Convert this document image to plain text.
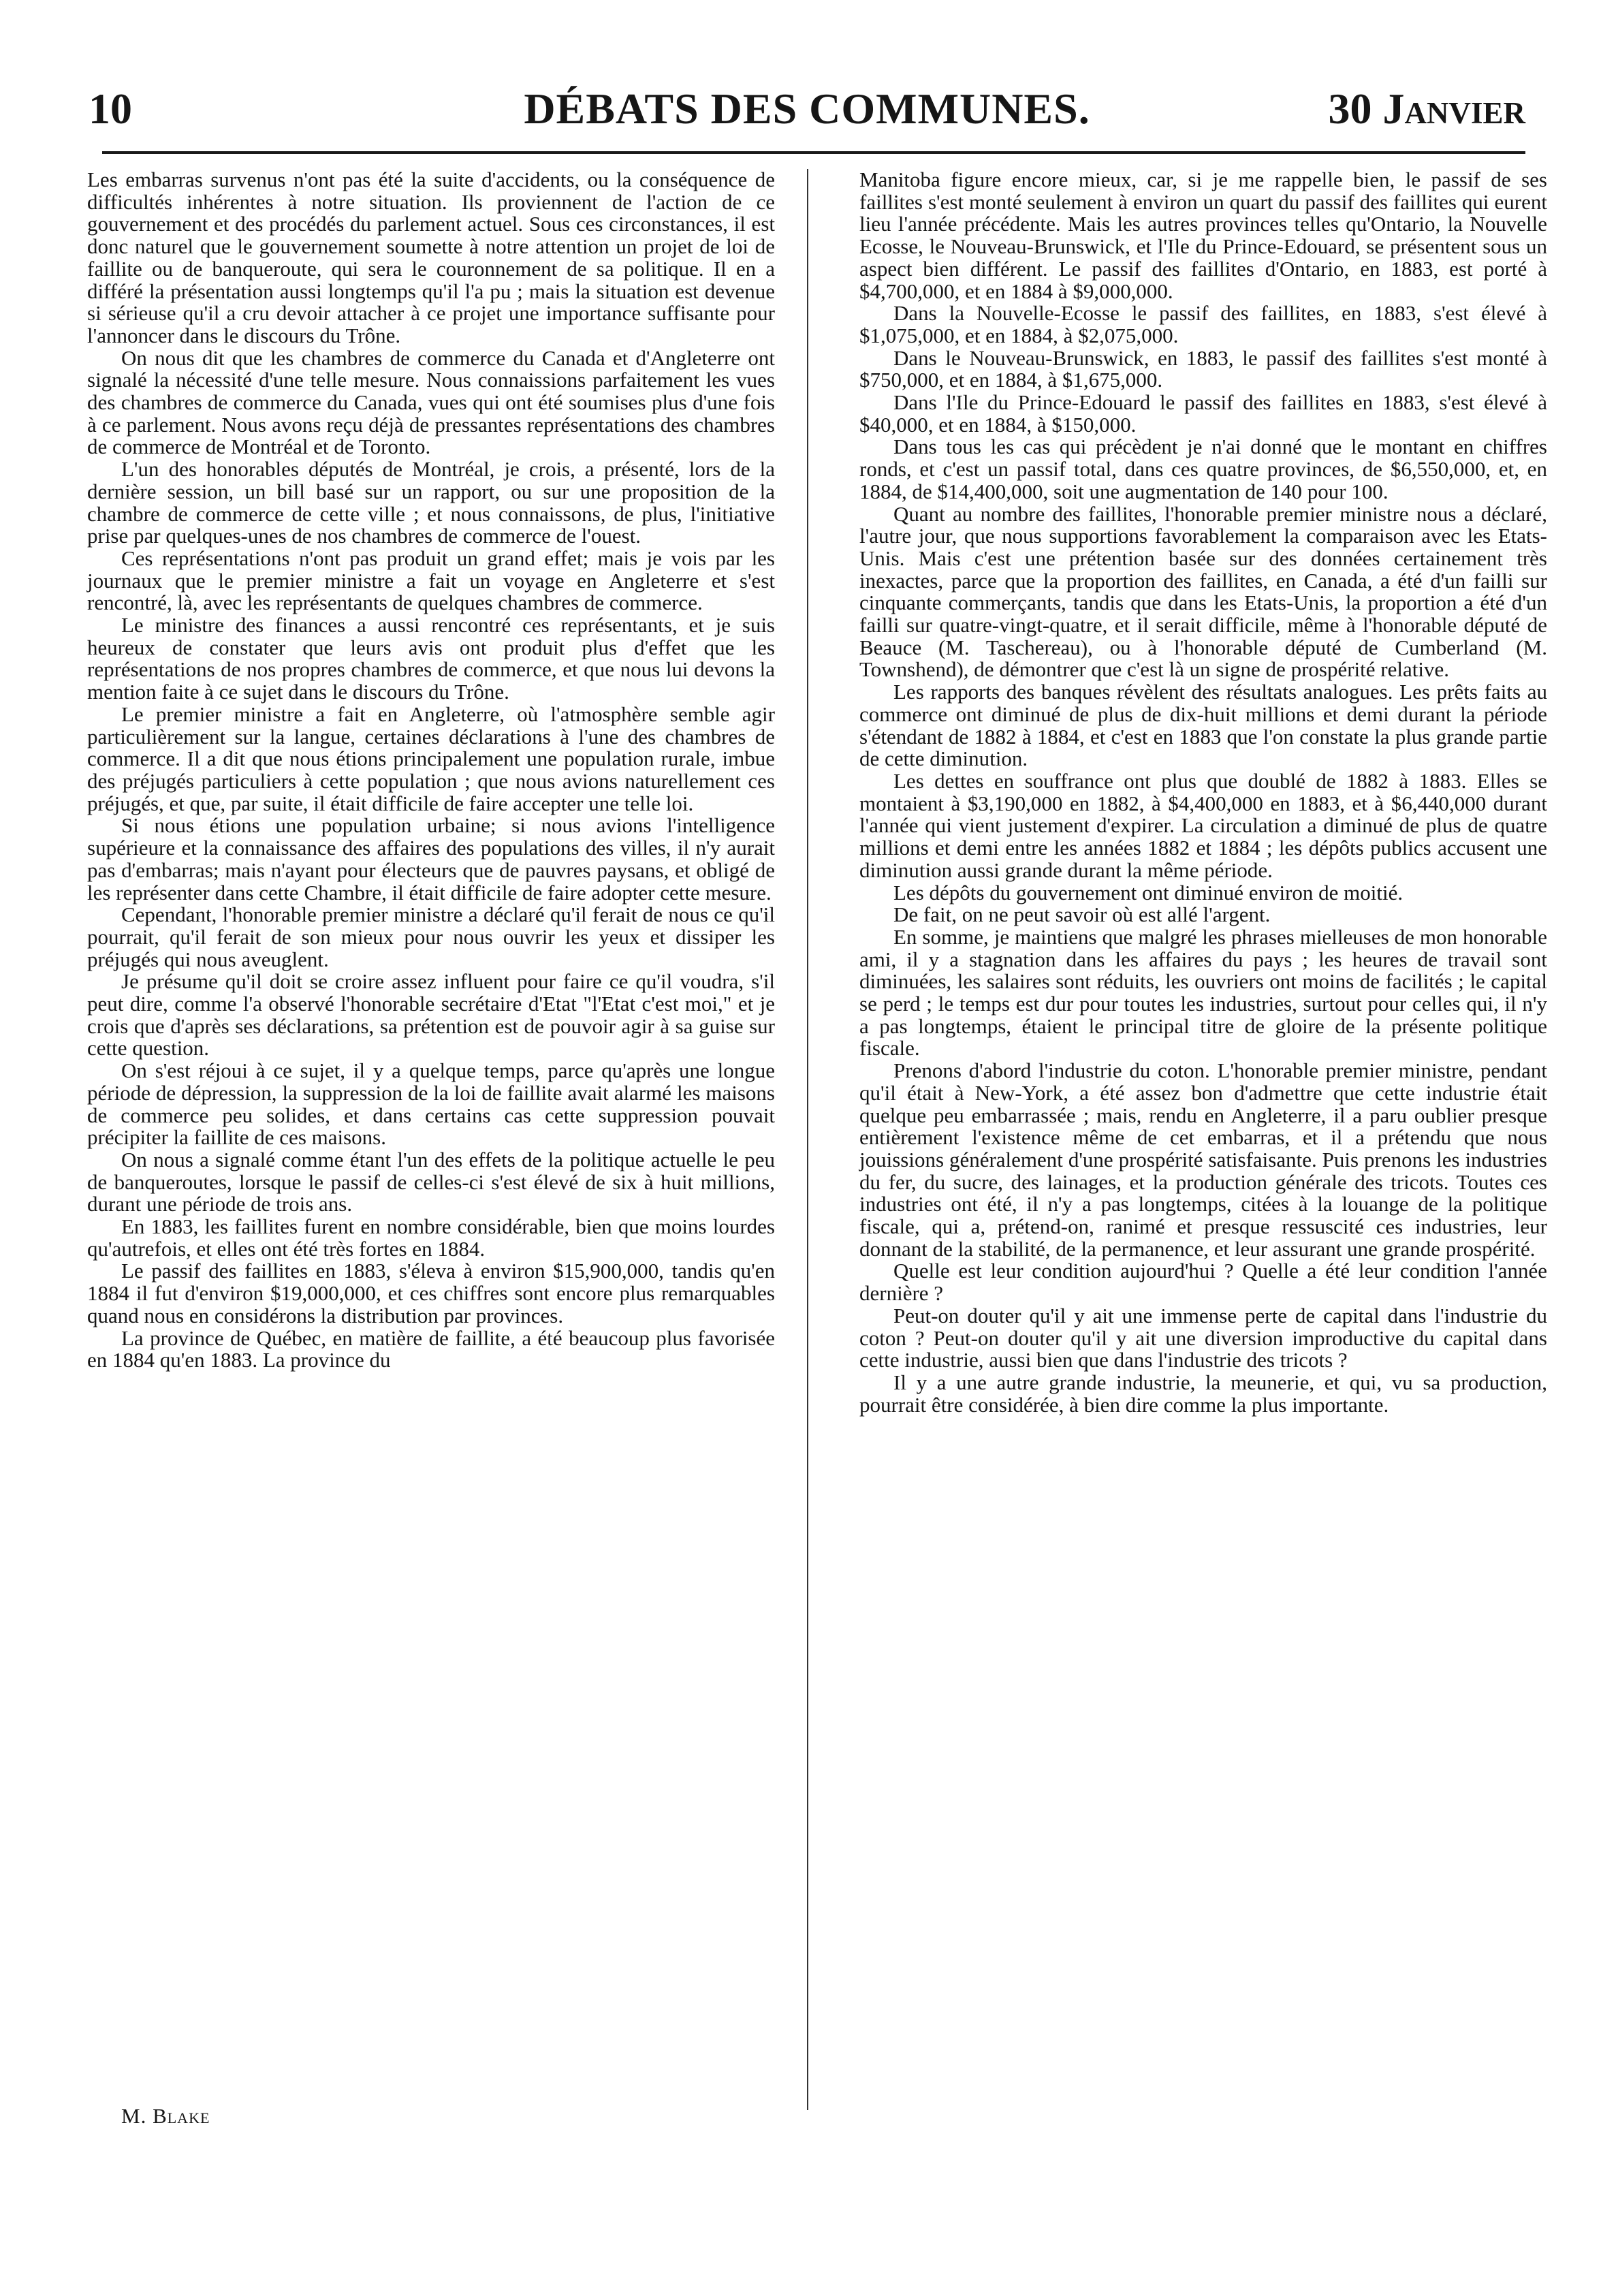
10	DÉBATS DES COMMUNES.	30 Janvier

Les embarras survenus n'ont pas été la suite d'accidents, ou la conséquence de difficultés inhérentes à notre situation. Ils proviennent de l'action de ce gouvernement et des procédés du parlement actuel. Sous ces circonstances, il est donc naturel que le gouvernement soumette à notre attention un projet de loi de faillite ou de banqueroute, qui sera le couronnement de sa politique. Il en a différé la présentation aussi longtemps qu'il l'a pu ; mais la situation est devenue si sérieuse qu'il a cru devoir attacher à ce projet une importance suffisante pour l'annoncer dans le discours du Trône.

On nous dit que les chambres de commerce du Canada et d'Angleterre ont signalé la nécessité d'une telle mesure. Nous connaissions parfaitement les vues des chambres de commerce du Canada, vues qui ont été soumises plus d'une fois à ce parlement. Nous avons reçu déjà de pressantes représentations des chambres de commerce de Montréal et de Toronto.

L'un des honorables députés de Montréal, je crois, a présenté, lors de la dernière session, un bill basé sur un rapport, ou sur une proposition de la chambre de commerce de cette ville ; et nous connaissons, de plus, l'initiative prise par quelques-unes de nos chambres de commerce de l'ouest.

Ces représentations n'ont pas produit un grand effet; mais je vois par les journaux que le premier ministre a fait un voyage en Angleterre et s'est rencontré, là, avec les représentants de quelques chambres de commerce.

Le ministre des finances a aussi rencontré ces représentants, et je suis heureux de constater que leurs avis ont produit plus d'effet que les représentations de nos propres chambres de commerce, et que nous lui devons la mention faite à ce sujet dans le discours du Trône.

Le premier ministre a fait en Angleterre, où l'atmosphère semble agir particulièrement sur la langue, certaines déclarations à l'une des chambres de commerce. Il a dit que nous étions principalement une population rurale, imbue des préjugés particuliers à cette population ; que nous avions naturellement ces préjugés, et que, par suite, il était difficile de faire accepter une telle loi.

Si nous étions une population urbaine; si nous avions l'intelligence supérieure et la connaissance des affaires des populations des villes, il n'y aurait pas d'embarras; mais n'ayant pour électeurs que de pauvres paysans, et obligé de les représenter dans cette Chambre, il était difficile de faire adopter cette mesure.

Cependant, l'honorable premier ministre a déclaré qu'il ferait de nous ce qu'il pourrait, qu'il ferait de son mieux pour nous ouvrir les yeux et dissiper les préjugés qui nous aveuglent.

Je présume qu'il doit se croire assez influent pour faire ce qu'il voudra, s'il peut dire, comme l'a observé l'honorable secrétaire d'Etat "l'Etat c'est moi," et je crois que d'après ses déclarations, sa prétention est de pouvoir agir à sa guise sur cette question.

On s'est réjoui à ce sujet, il y a quelque temps, parce qu'après une longue période de dépression, la suppression de la loi de faillite avait alarmé les maisons de commerce peu solides, et dans certains cas cette suppression pouvait précipiter la faillite de ces maisons.

On nous a signalé comme étant l'un des effets de la politique actuelle le peu de banqueroutes, lorsque le passif de celles-ci s'est élevé de six à huit millions, durant une période de trois ans.

En 1883, les faillites furent en nombre considérable, bien que moins lourdes qu'autrefois, et elles ont été très fortes en 1884.

Le passif des faillites en 1883, s'éleva à environ $15,900,000, tandis qu'en 1884 il fut d'environ $19,000,000, et ces chiffres sont encore plus remarquables quand nous en considérons la distribution par provinces.

La province de Québec, en matière de faillite, a été beaucoup plus favorisée en 1884 qu'en 1883. La province du

Manitoba figure encore mieux, car, si je me rappelle bien, le passif de ses faillites s'est monté seulement à environ un quart du passif des faillites qui eurent lieu l'année précédente. Mais les autres provinces telles qu'Ontario, la Nouvelle Ecosse, le Nouveau-Brunswick, et l'Ile du Prince-Edouard, se présentent sous un aspect bien différent. Le passif des faillites d'Ontario, en 1883, est porté à $4,700,000, et en 1884 à $9,000,000.

Dans la Nouvelle-Ecosse le passif des faillites, en 1883, s'est élevé à $1,075,000, et en 1884, à $2,075,000.

Dans le Nouveau-Brunswick, en 1883, le passif des faillites s'est monté à $750,000, et en 1884, à $1,675,000.

Dans l'Ile du Prince-Edouard le passif des faillites en 1883, s'est élevé à $40,000, et en 1884, à $150,000.

Dans tous les cas qui précèdent je n'ai donné que le montant en chiffres ronds, et c'est un passif total, dans ces quatre provinces, de $6,550,000, et, en 1884, de $14,400,000, soit une augmentation de 140 pour 100.

Quant au nombre des faillites, l'honorable premier ministre nous a déclaré, l'autre jour, que nous supportions favorablement la comparaison avec les Etats-Unis. Mais c'est une prétention basée sur des données certainement très inexactes, parce que la proportion des faillites, en Canada, a été d'un failli sur cinquante commerçants, tandis que dans les Etats-Unis, la proportion a été d'un failli sur quatre-vingt-quatre, et il serait difficile, même à l'honorable député de Beauce (M. Taschereau), ou à l'honorable député de Cumberland (M. Townshend), de démontrer que c'est là un signe de prospérité relative.

Les rapports des banques révèlent des résultats analogues. Les prêts faits au commerce ont diminué de plus de dix-huit millions et demi durant la période s'étendant de 1882 à 1884, et c'est en 1883 que l'on constate la plus grande partie de cette diminution.

Les dettes en souffrance ont plus que doublé de 1882 à 1883. Elles se montaient à $3,190,000 en 1882, à $4,400,000 en 1883, et à $6,440,000 durant l'année qui vient justement d'expirer. La circulation a diminué de plus de quatre millions et demi entre les années 1882 et 1884 ; les dépôts publics accusent une diminution aussi grande durant la même période.

Les dépôts du gouvernement ont diminué environ de moitié.

De fait, on ne peut savoir où est allé l'argent.

En somme, je maintiens que malgré les phrases mielleuses de mon honorable ami, il y a stagnation dans les affaires du pays ; les heures de travail sont diminuées, les salaires sont réduits, les ouvriers ont moins de facilités ; le capital se perd ; le temps est dur pour toutes les industries, surtout pour celles qui, il n'y a pas longtemps, étaient le principal titre de gloire de la présente politique fiscale.

Prenons d'abord l'industrie du coton. L'honorable premier ministre, pendant qu'il était à New-York, a été assez bon d'admettre que cette industrie était quelque peu embarrassée ; mais, rendu en Angleterre, il a paru oublier presque entièrement l'existence même de cet embarras, et il a prétendu que nous jouissions généralement d'une prospérité satisfaisante. Puis prenons les industries du fer, du sucre, des lainages, et la production générale des tricots. Toutes ces industries ont été, il n'y a pas longtemps, citées à la louange de la politique fiscale, qui a, prétend-on, ranimé et presque ressuscité ces industries, leur donnant de la stabilité, de la permanence, et leur assurant une grande prospérité.

Quelle est leur condition aujourd'hui ? Quelle a été leur condition l'année dernière ?

Peut-on douter qu'il y ait une immense perte de capital dans l'industrie du coton ? Peut-on douter qu'il y ait une diversion improductive du capital dans cette industrie, aussi bien que dans l'industrie des tricots ?

Il y a une autre grande industrie, la meunerie, et qui, vu sa production, pourrait être considérée, à bien dire comme la plus importante.

M. Blake
